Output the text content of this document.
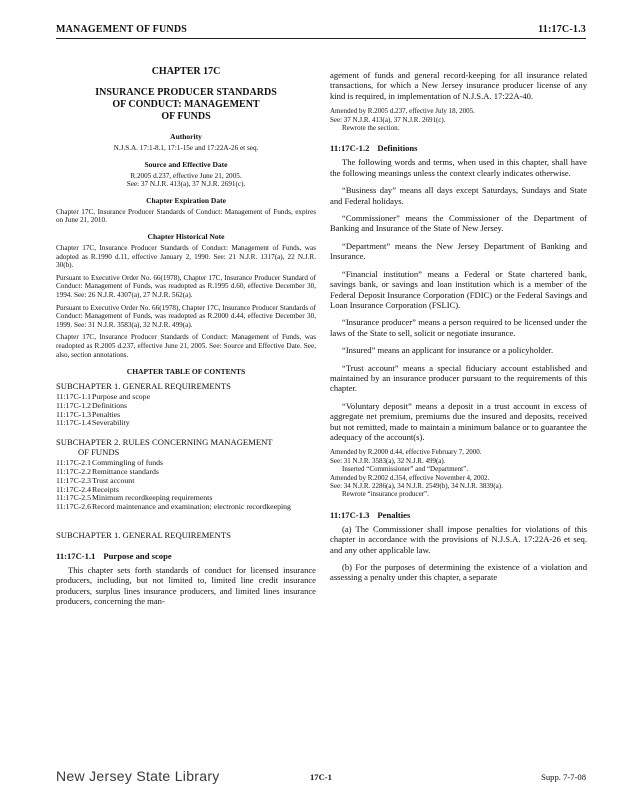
MANAGEMENT OF FUNDS	11:17C-1.3
CHAPTER 17C
INSURANCE PRODUCER STANDARDS
OF CONDUCT: MANAGEMENT
OF FUNDS
Authority

N.J.S.A. 17:1-8.1, 17:1-15e and 17:22A-26 et seq.

Source and Effective Date

R.2005 d.237, effective June 21, 2005.

See: 37 N.J.R. 413(a), 37 N.J.R. 2691(c).

Chapter Expiration Date

Chapter 17C, Insurance Producer Standards of Conduct: Management of Funds, expires on June 21, 2010.

Chapter Historical Note

Chapter 17C, Insurance Producer Standards of Conduct: Management of Funds, was adopted as R.1990 d.11, effective January 2, 1990. See: 21 N.J.R. 1317(a), 22 N.J.R. 30(b).

Pursuant to Executive Order No. 66(1978), Chapter 17C, Insurance Producer Standard of Conduct: Management of Funds, was readopted as R.1995 d.60, effective December 30, 1994. See: 26 N.J.R. 4307(a), 27 N.J.R. 562(a).

Pursuant to Executive Order No. 66(1978), Chapter 17C, Insurance Producer Standards of Conduct: Management of Funds, was readopted as R.2000 d.44, effective December 30, 1999. See: 31 N.J.R. 3583(a), 32 N.J.R. 499(a).

Chapter 17C, Insurance Producer Standards of Conduct: Management of Funds, was readopted as R.2005 d.237, effective June 21, 2005. See: Source and Effective Date. See, also, section annotations.

CHAPTER TABLE OF CONTENTS
SUBCHAPTER 1. GENERAL REQUIREMENTS
11:17C-1.1 Purpose and scope
11:17C-1.2 Definitions
11:17C-1.3 Penalties
11:17C-1.4 Severability
SUBCHAPTER 2. RULES CONCERNING MANAGEMENT
OF FUNDS
11:17C-2.1 Commingling of funds
11:17C-2.2 Remittance standards
11:17C-2.3 Trust account
11:17C-2.4 Receipts
11:17C-2.5 Minimum recordkeeping requirements
11:17C-2.6 Record maintenance and examination; electronic recordkeeping
SUBCHAPTER 1. GENERAL REQUIREMENTS
11:17C-1.1 Purpose and scope

This chapter sets forth standards of conduct for licensed insurance producers, including, but not limited to, limited line credit insurance producers, surplus lines insurance producers, and limited lines insurance producers, concerning the man-

agement of funds and general record-keeping for all insurance related transactions, for which a New Jersey insurance producer license of any kind is required, in implementation of N.J.S.A. 17:22A-40.

Amended by R.2005 d.237, effective July 18, 2005.

See: 37 N.J.R. 413(a), 37 N.J.R. 2691(c).

Rewrote the section.

11:17C-1.2 Definitions

The following words and terms, when used in this chapter, shall have the following meanings unless the context clearly indicates otherwise.

“Business day” means all days except Saturdays, Sundays and State and Federal holidays.

“Commissioner” means the Commissioner of the Department of Banking and Insurance of the State of New Jersey.

“Department” means the New Jersey Department of Banking and Insurance.

“Financial institution” means a Federal or State chartered bank, savings bank, or savings and loan institution which is a member of the Federal Deposit Insurance Corporation (FDIC) or the Federal Savings and Loan Insurance Corporation (FSLIC).

“Insurance producer” means a person required to be licensed under the laws of the State to sell, solicit or negotiate insurance.

“Insured” means an applicant for insurance or a policyholder.

“Trust account” means a special fiduciary account established and maintained by an insurance producer pursuant to the requirements of this chapter.

“Voluntary deposit” means a deposit in a trust account in excess of aggregate net premium, premiums due the insured and deposits, received but not remitted, made to maintain a minimum balance or to guarantee the adequacy of the account(s).

Amended by R.2000 d.44, effective February 7, 2000.

See: 31 N.J.R. 3583(a), 32 N.J.R. 499(a).

Inserted “Commissioner” and “Department”.

Amended by R.2002 d.354, effective November 4, 2002.

See: 34 N.J.R. 2286(a), 34 N.J.R. 2549(b), 34 N.J.R. 3839(a).

Rewrote “insurance producer”.

11:17C-1.3 Penalties

(a) The Commissioner shall impose penalties for violations of this chapter in accordance with the provisions of N.J.S.A. 17:22A-26 et seq. and any other applicable law.

(b) For the purposes of determining the existence of a violation and assessing a penalty under this chapter, a separate

New Jersey State Library	17C-1	Supp. 7-7-08
